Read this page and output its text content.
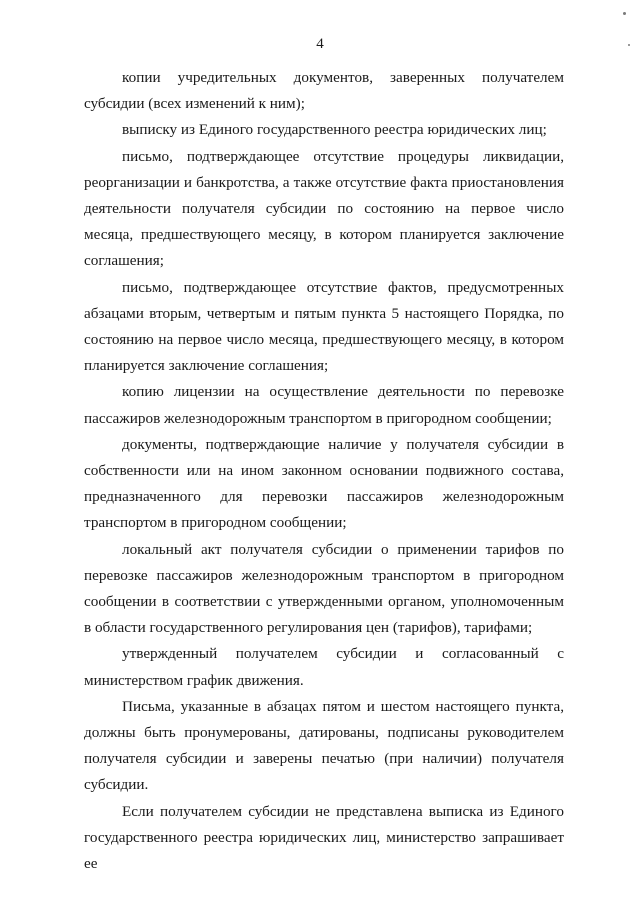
4

копии учредительных документов, заверенных получателем субсидии (всех изменений к ним);

выписку из Единого государственного реестра юридических лиц;

письмо, подтверждающее отсутствие процедуры ликвидации, реорганизации и банкротства, а также отсутствие факта приостановления деятельности получателя субсидии по состоянию на первое число месяца, предшествующего месяцу, в котором планируется заключение соглашения;

письмо, подтверждающее отсутствие фактов, предусмотренных абзацами вторым, четвертым и пятым пункта 5 настоящего Порядка, по состоянию на первое число месяца, предшествующего месяцу, в котором планируется заключение соглашения;

копию лицензии на осуществление деятельности по перевозке пассажиров железнодорожным транспортом в пригородном сообщении;

документы, подтверждающие наличие у получателя субсидии в собственности или на ином законном основании подвижного состава, предназначенного для перевозки пассажиров железнодорожным транспортом в пригородном сообщении;

локальный акт получателя субсидии о применении тарифов по перевозке пассажиров железнодорожным транспортом в пригородном сообщении в соответствии с утвержденными органом, уполномоченным в области государственного регулирования цен (тарифов), тарифами;

утвержденный получателем субсидии и согласованный с министерством график движения.

Письма, указанные в абзацах пятом и шестом настоящего пункта, должны быть пронумерованы, датированы, подписаны руководителем получателя субсидии и заверены печатью (при наличии) получателя субсидии.

Если получателем субсидии не представлена выписка из Единого государственного реестра юридических лиц, министерство запрашивает ее
